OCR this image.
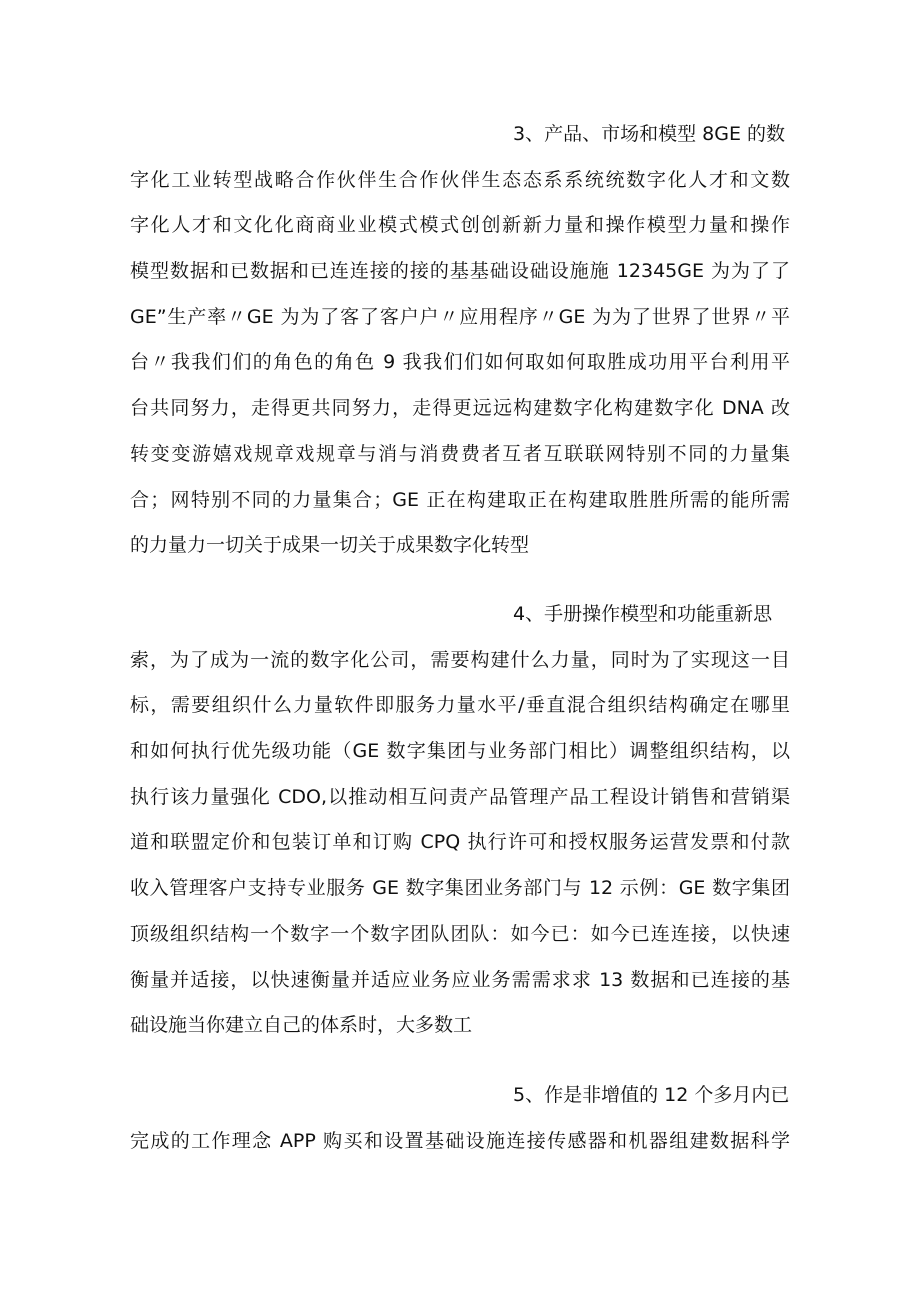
3、产品、市场和模型 8GE 的数
字化工业转型战略合作伙伴生合作伙伴生态态系系统统数字化人才和文数
字化人才和文化化商商业业模式模式创创新新力量和操作模型力量和操作
模型数据和已数据和已连连接的接的基基础设础设施施 12345GE 为为了了
GE”生产率〃GE 为为了客了客户户〃应用程序〃GE 为为了世界了世界〃平
台〃我我们们的角色的角色 9 我我们们如何取如何取胜成功用平台利用平
台共同努力，走得更共同努力，走得更远远构建数字化构建数字化 DNA 改
转变变游嬉戏规章戏规章与消与消费费者互者互联联网特别不同的力量集
合；网特别不同的力量集合；GE 正在构建取正在构建取胜胜所需的能所需
的力量力一切关于成果一切关于成果数字化转型
4、手册操作模型和功能重新思
索，为了成为一流的数字化公司，需要构建什么力量，同时为了实现这一目
标，需要组织什么力量软件即服务力量水平/垂直混合组织结构确定在哪里
和如何执行优先级功能（GE 数字集团与业务部门相比）调整组织结构，以
执行该力量强化 CDO,以推动相互问责产品管理产品工程设计销售和营销渠
道和联盟定价和包装订单和订购 CPQ 执行许可和授权服务运营发票和付款
收入管理客户支持专业服务 GE 数字集团业务部门与 12 示例：GE 数字集团
顶级组织结构一个数字一个数字团队团队：如今已：如今已连连接，以快速
衡量并适接，以快速衡量并适应业务应业务需需求求 13 数据和已连接的基
础设施当你建立自己的体系时，大多数工
5、作是非增值的 12 个多月内已
完成的工作理念 APP 购买和设置基础设施连接传感器和机器组建数据科学
